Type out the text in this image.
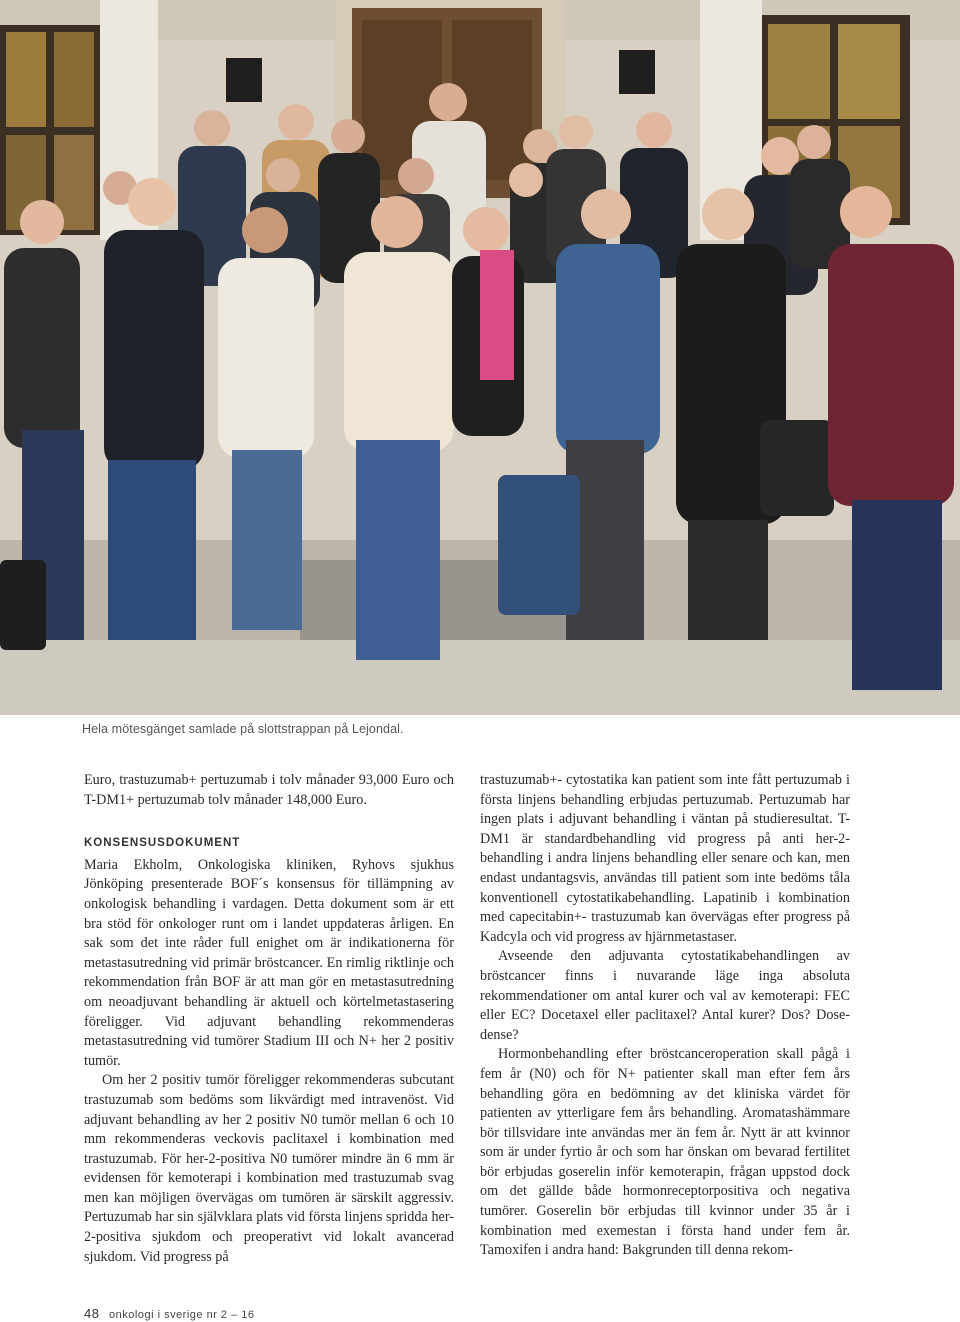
Hela mötesgänget samlade på slottstrappan på Lejondal.

Euro, trastuzumab+ pertuzumab i tolv månader 93,000 Euro och T-DM1+ pertuzumab tolv månader 148,000 Euro.

KONSENSUSDOKUMENT

Maria Ekholm, Onkologiska kliniken, Ryhovs sjukhus Jönköping presenterade BOF´s konsensus för tillämpning av onkologisk behandling i vardagen. Detta dokument som är ett bra stöd för onkologer runt om i landet uppdateras årligen. En sak som det inte råder full enighet om är indikationerna för metastasutredning vid primär bröstcancer. En rimlig riktlinje och rekommendation från BOF är att man gör en metastasutredning om neoadjuvant behandling är aktuell och körtelmetastasering föreligger. Vid adjuvant behandling rekommenderas metastasutredning vid tumörer Stadium III och N+ her 2 positiv tumör.

Om her 2 positiv tumör föreligger rekommenderas subcutant trastuzumab som bedöms som likvärdigt med intravenöst. Vid adjuvant behandling av her 2 positiv N0 tumör mellan 6 och 10 mm rekommenderas veckovis paclitaxel i kombination med trastuzumab. För her-2-positiva N0 tumörer mindre än 6 mm är evidensen för kemoterapi i kombination med trastuzumab svag men kan möjligen övervägas om tumören är särskilt aggressiv. Pertuzumab har sin självklara plats vid första linjens spridda her-2-positiva sjukdom och preoperativt vid lokalt avancerad sjukdom. Vid progress på

trastuzumab+- cytostatika kan patient som inte fått pertuzumab i första linjens behandling erbjudas pertuzumab. Pertuzumab har ingen plats i adjuvant behandling i väntan på studieresultat. T-DM1 är standardbehandling vid progress på anti her-2-behandling i andra linjens behandling eller senare och kan, men endast undantagsvis, användas till patient som inte bedöms tåla konventionell cytostatikabehandling. Lapatinib i kombination med capecitabin+- trastuzumab kan övervägas efter progress på Kadcyla och vid progress av hjärnmetastaser.

Avseende den adjuvanta cytostatikabehandlingen av bröstcancer finns i nuvarande läge inga absoluta rekommendationer om antal kurer och val av kemoterapi: FEC eller EC? Docetaxel eller paclitaxel? Antal kurer? Dos? Dose-dense?

Hormonbehandling efter bröstcanceroperation skall pågå i fem år (N0) och för N+ patienter skall man efter fem års behandling göra en bedömning av det kliniska värdet för patienten av ytterligare fem års behandling. Aromatashämmare bör tillsvidare inte användas mer än fem år. Nytt är att kvinnor som är under fyrtio år och som har önskan om bevarad fertilitet bör erbjudas goserelin inför kemoterapin, frågan uppstod dock om det gällde både hormonreceptorpositiva och negativa tumörer. Goserelin bör erbjudas till kvinnor under 35 år i kombination med exemestan i första hand under fem år. Tamoxifen i andra hand: Bakgrunden till denna rekom-

48 onkologi i sverige nr 2 – 16
